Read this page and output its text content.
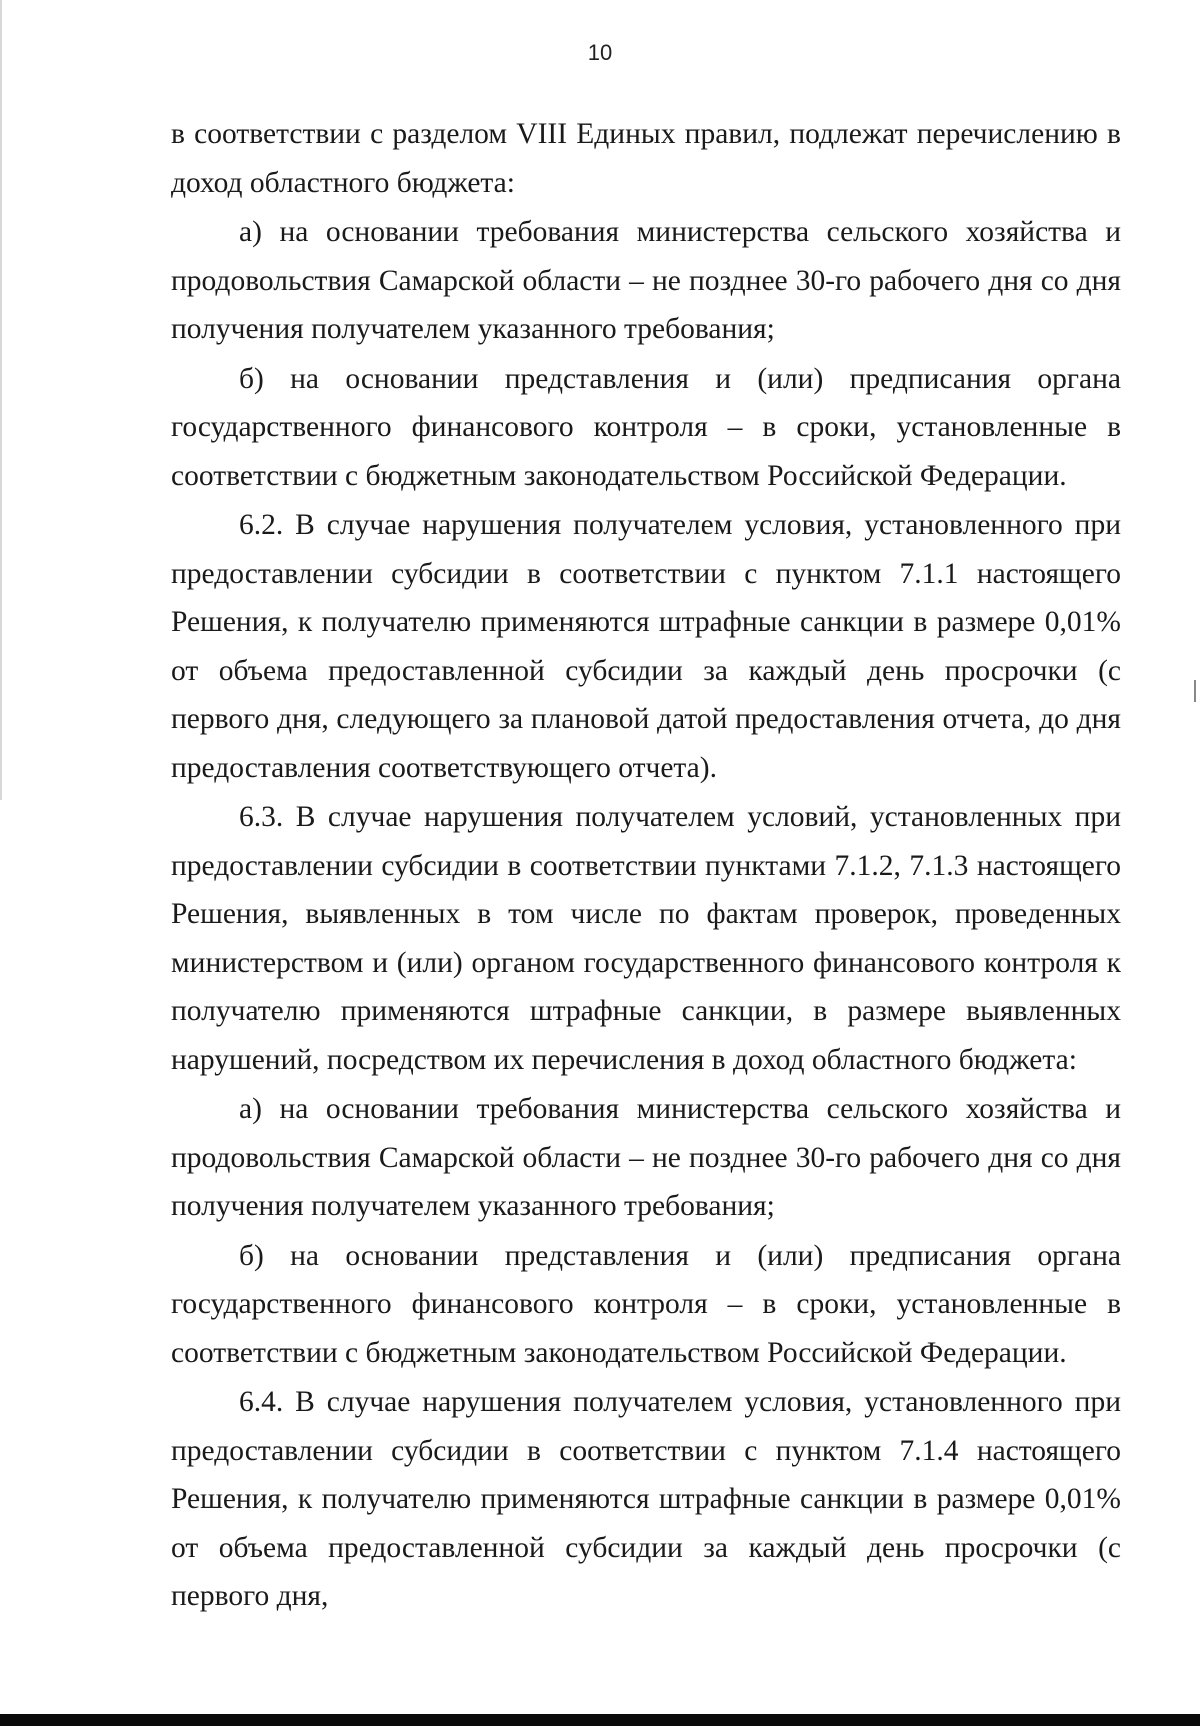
10

в соответствии с разделом VIII Единых правил, подлежат перечислению в доход областного бюджета:

а) на основании требования министерства сельского хозяйства и продовольствия Самарской области – не позднее 30-го рабочего дня со дня получения получателем указанного требования;

б) на основании представления и (или) предписания органа государственного финансового контроля – в сроки, установленные в соответствии с бюджетным законодательством Российской Федерации.

6.2. В случае нарушения получателем условия, установленного при предоставлении субсидии в соответствии с пунктом 7.1.1 настоящего Решения, к получателю применяются штрафные санкции в размере 0,01% от объема предоставленной субсидии за каждый день просрочки (с первого дня, следующего за плановой датой предоставления отчета, до дня предоставления соответствующего отчета).

6.3. В случае нарушения получателем условий, установленных при предоставлении субсидии в соответствии пунктами 7.1.2, 7.1.3 настоящего Решения, выявленных в том числе по фактам проверок, проведенных министерством и (или) органом государственного финансового контроля к получателю применяются штрафные санкции, в размере выявленных нарушений, посредством их перечисления в доход областного бюджета:

а) на основании требования министерства сельского хозяйства и продовольствия Самарской области – не позднее 30-го рабочего дня со дня получения получателем указанного требования;

б) на основании представления и (или) предписания органа государственного финансового контроля – в сроки, установленные в соответствии с бюджетным законодательством Российской Федерации.

6.4. В случае нарушения получателем условия, установленного при предоставлении субсидии в соответствии с пунктом 7.1.4 настоящего Решения, к получателю применяются штрафные санкции в размере 0,01% от объема предоставленной субсидии за каждый день просрочки (с первого дня,
